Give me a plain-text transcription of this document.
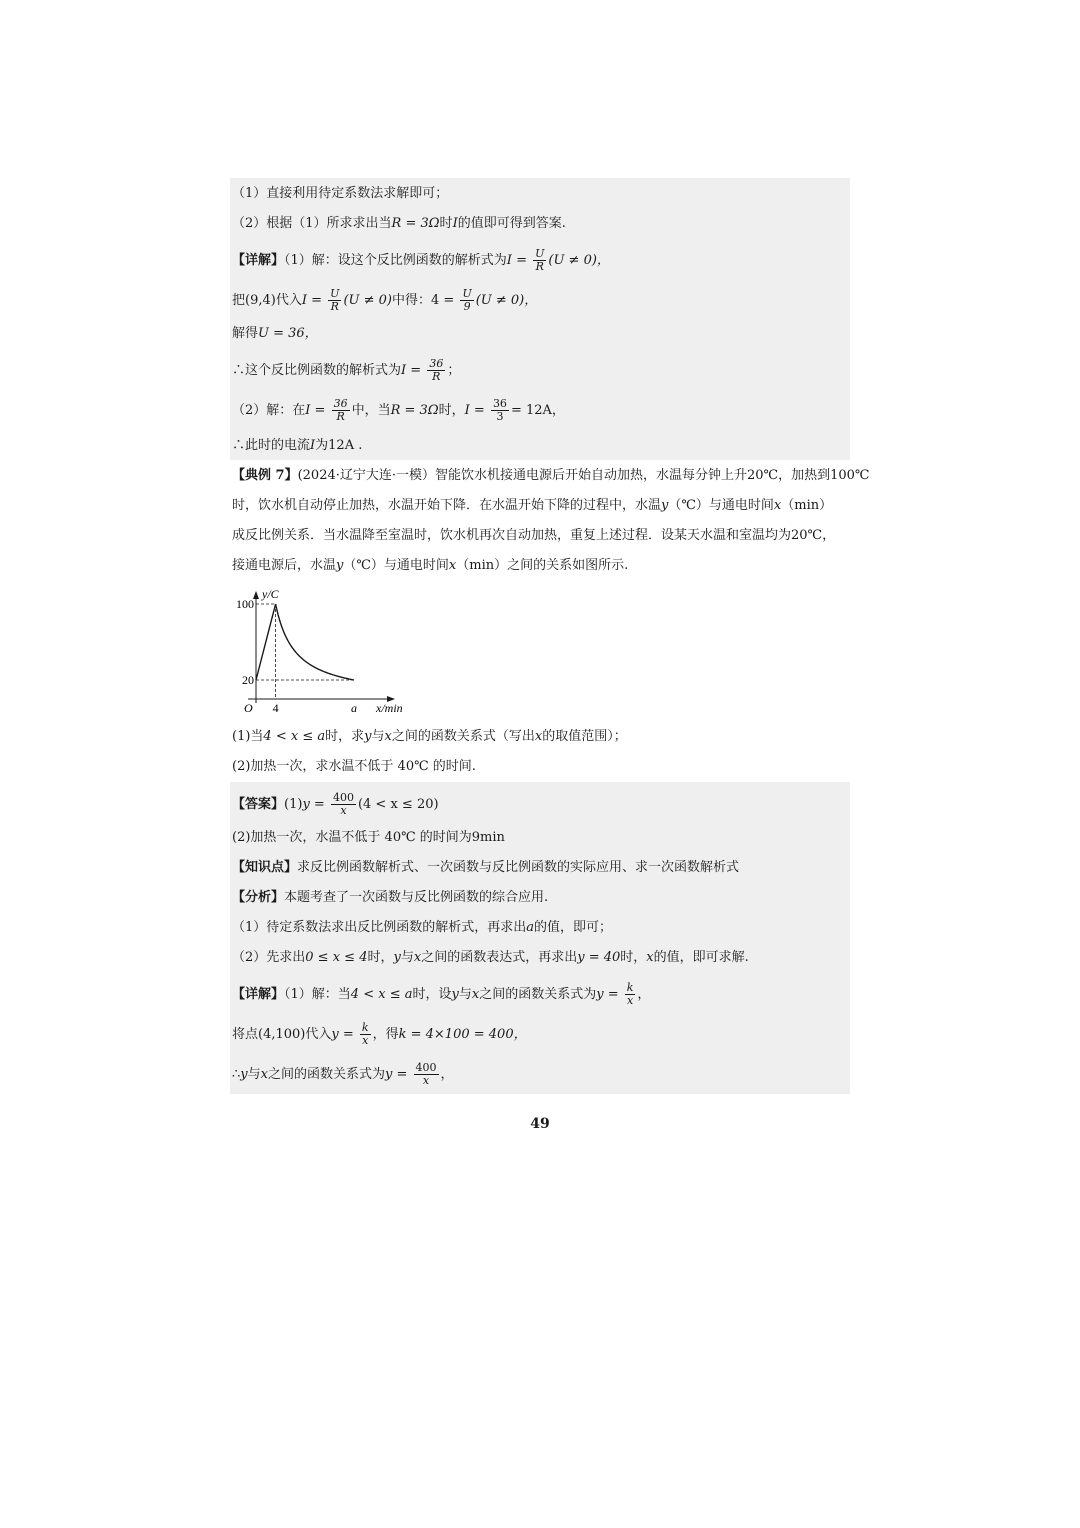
（1）直接利用待定系数法求解即可；
（2）根据（1）所求求出当R = 3Ω时I的值即可得到答案.
【详解】（1）解：设这个反比例函数的解析式为$I = \frac{U}{R} (U \ne 0)$，
把(9,4)代入$I = \frac{U}{R} (U \ne 0)$中得：$4 = \frac{U}{9} (U \ne 0)$，
解得U = 36，
∴这个反比例函数的解析式为$I = \frac{36}{R}$ ；
（2）解：在$I = \frac{36}{R}$ 中，当R = 3Ω时，$I = \frac{36}{3} = 12A$，
∴此时的电流I为12A .
【典例 7】(2024·辽宁大连·一模）智能饮水机接通电源后开始自动加热，水温每分钟上升20℃，加热到100℃
时，饮水机自动停止加热，水温开始下降．在水温开始下降的过程中，水温y（℃）与通电时间x（min）
成反比例关系．当水温降至室温时，饮水机再次自动加热，重复上述过程．设某天水温和室温均为20℃，
接通电源后，水温y（℃）与通电时间x（min）之间的关系如图所示.
y/C
x/min
O
20
100
4	a
(1)当4 < x ≤ a时，求y与x之间的函数关系式（写出x的取值范围）；
(2)加热一次，求水温不低于 40℃ 的时间.
【答案】$(1)y = \frac{400}{x} (4 < x \le 20)$
(2)加热一次，水温不低于 40℃ 的时间为9min
【知识点】求反比例函数解析式、一次函数与反比例函数的实际应用、求一次函数解析式
【分析】本题考查了一次函数与反比例函数的综合应用.
（1）待定系数法求出反比例函数的解析式，再求出a的值，即可；
（2）先求出0 ≤ x ≤ 4时，y与x之间的函数表达式，再求出y = 40时，x的值，即可求解.
【详解】（1）解：当4 < x ≤ a时，设y与x之间的函数关系式为$y = \frac{k}{x}$ ，
将点(4,100)代入$y = \frac{k}{x}$ ，得k = 4×100 = 400，
∴y与x之间的函数关系式为$y = \frac{400}{x}$ ，
49
